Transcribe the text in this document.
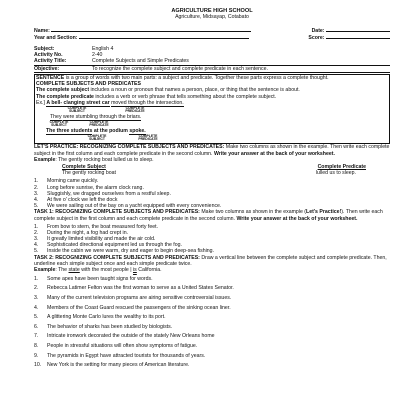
AGRICULTURE HIGH SCHOOL
Agriculture, Midsayap, Cotabato
Name:	Date:
Year and Section:	Score:
Subject:	English 4
Activity No.	2-40
Activity Title:	Complete Subjects and Simple Predicates
Objective:	To recognize the complete subject and complete predicate in each sentence.

SENTENCE is a group of words with two main parts: a subject and predicate. Together these parts express a complete thought.

COMPLETE SUBJECTS AND PREDICATES

The complete subject includes a noun or pronoun that names a person, place, or thing that the sentence is about.

The complete predicate includes a verb or verb phrase that tells something about the complete subject.

Ex.] A bell- clanging street car moved through the intersection.

COMPLETE
SUBJECT
COMPLETE
PREDICATE

They were stumbling through the briars.

COMPLETE
SUBJECT
COMPLETE
PREDICATE

The three students at the podium spoke.

COMPLETE
SUBJECT
COMPLETE
PREDICATE

LET'S PRACTICE: RECOGNIZING COMPLETE SUBJECTS AND PREDICATES: Make two columns as shown in the example. Then write each complete subject in the first column and each complete predicate in the second column. Write your answer at the back of your worksheet.

Example: The gently rocking boat lulled us to sleep.

Complete Subject	Complete Predicate
The gently rocking boat	lulled us to sleep.
1.	Morning came quickly.
2.	Long before sunrise, the alarm clock rang.
3.	Sluggishly, we dragged ourselves from a restful sleep.
4.	At five o' clock we left the dock
5.	We were sailing out of the bay on a yacht equipped with every convenience.

TASK 1: RECOGNIZING COMPLETE SUBJECTS AND PREDICATES: Make two columns as shown in the example (Let's Practice!). Then write each complete subject in the first column and each complete predicate in the second column. Write your answer at the back of your worksheet.

1.	From bow to stern, the boat measured forty feet.
2.	During the night, a fog had crept in.
3.	It greatly limited visibility and made the air cold.
4.	Sophisticated directional equipment led us through the fog.
5.	Inside the cabin we were warm, dry and eager to begin deep-sea fishing.

TASK 2: RECOGNIZING COMPLETE SUBJECTS AND PREDICATES: Draw a vertical line between the complete subject and complete predicate. Then, underline each simple subject once and each simple predicate twice.

Example: The state with the most people | is California.

1.	Some apes have been taught signs for words.
2.	Rebecca Latimer Felton was the first woman to serve as a United States Senator.
3.	Many of the current television programs are airing sensitive controversial issues.
4.	Members of the Coast Guard rescued the passengers of the sinking ocean liner.
5.	A glittering Monte Carlo lures the wealthy to its port.
6.	The behavior of sharks has been studied by biologists.
7.	Intricate ironwork decorated the outside of the stately New Orleans home
8.	People in stressful situations will often show symptoms of fatigue.
9.	The pyramids in Egypt have attracted tourists for thousands of years.
10.	New York is the setting for many pieces of American literature.
